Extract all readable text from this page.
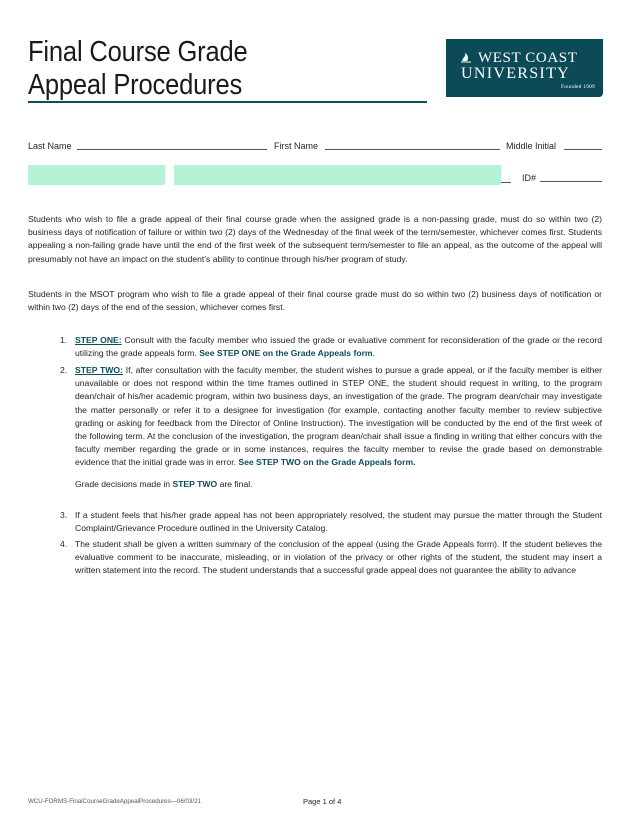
Final Course Grade
Appeal Procedures
WEST COAST
UNIVERSITY
Founded 1909
Last Name	First Name	Middle Initial
ID#

Students who wish to file a grade appeal of their final course grade when the assigned grade is a non-passing grade, must do so within two (2) business days of notification of failure or within two (2) days of the Wednesday of the final week of the term/semester, whichever comes first. Students appealing a non-failing grade have until the end of the first week of the subsequent term/semester to file an appeal, as the outcome of the appeal will presumably not have an impact on the student’s ability to continue through his/her program of study.

Students in the MSOT program who wish to file a grade appeal of their final course grade must do so within two (2) business days of notification or within two (2) days of the end of the session, whichever comes first.

1. STEP ONE: Consult with the faculty member who issued the grade or evaluative comment for reconsideration of the grade or the record utilizing the grade appeals form. See STEP ONE on the Grade Appeals form.
2. STEP TWO: If, after consultation with the faculty member, the student wishes to pursue a grade appeal, or if the faculty member is either unavailable or does not respond within the time frames outlined in STEP ONE, the student should request in writing, to the program dean/chair of his/her academic program, within two business days, an investigation of the grade. The program dean/chair may investigate the matter personally or refer it to a designee for investigation (for example, contacting another faculty member to review subjective grading or asking for feedback from the Director of Online Instruction). The investigation will be conducted by the end of the first week of the following term. At the conclusion of the investigation, the program dean/chair shall issue a finding in writing that either concurs with the faculty member regarding the grade or in some instances, requires the faculty member to revise the grade based on demonstrable evidence that the initial grade was in error. See STEP TWO on the Grade Appeals form.
Grade decisions made in STEP TWO are final.
3. If a student feels that his/her grade appeal has not been appropriately resolved, the student may pursue the matter through the Student Complaint/Grievance Procedure outlined in the University Catalog.
4. The student shall be given a written summary of the conclusion of the appeal (using the Grade Appeals form). If the student believes the evaluative comment to be inaccurate, misleading, or in violation of the privacy or other rights of the student, the student may insert a written statement into the record. The student understands that a successful grade appeal does not guarantee the ability to advance
WCU-FORMS-FinalCourseGradeAppealProcedures—06/03/21	Page 1 of 4
